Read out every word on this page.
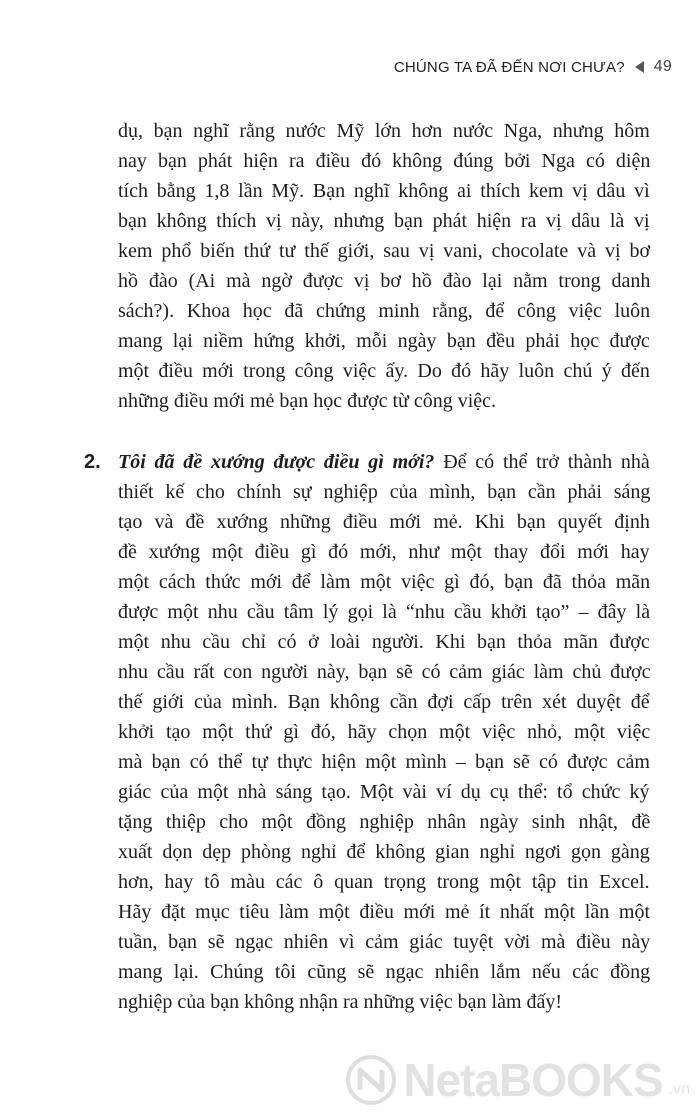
CHÚNG TA ĐÃ ĐẾN NƠI CHƯA? 49
dụ, bạn nghĩ rằng nước Mỹ lớn hơn nước Nga, nhưng hôm
nay bạn phát hiện ra điều đó không đúng bởi Nga có diện
tích bằng 1,8 lần Mỹ. Bạn nghĩ không ai thích kem vị dâu vì
bạn không thích vị này, nhưng bạn phát hiện ra vị dâu là vị
kem phổ biến thứ tư thế giới, sau vị vani, chocolate và vị bơ
hồ đào (Ai mà ngờ được vị bơ hồ đào lại nằm trong danh
sách?). Khoa học đã chứng minh rằng, để công việc luôn
mang lại niềm hứng khởi, mỗi ngày bạn đều phải học được
một điều mới trong công việc ấy. Do đó hãy luôn chú ý đến
những điều mới mẻ bạn học được từ công việc.
2. Tôi đã đề xướng được điều gì mới? Để có thể trở thành nhà
thiết kế cho chính sự nghiệp của mình, bạn cần phải sáng
tạo và đề xướng những điều mới mẻ. Khi bạn quyết định
đề xướng một điều gì đó mới, như một thay đổi mới hay
một cách thức mới để làm một việc gì đó, bạn đã thỏa mãn
được một nhu cầu tâm lý gọi là “nhu cầu khởi tạo” – đây là
một nhu cầu chỉ có ở loài người. Khi bạn thỏa mãn được
nhu cầu rất con người này, bạn sẽ có cảm giác làm chủ được
thế giới của mình. Bạn không cần đợi cấp trên xét duyệt để
khởi tạo một thứ gì đó, hãy chọn một việc nhỏ, một việc
mà bạn có thể tự thực hiện một mình – bạn sẽ có được cảm
giác của một nhà sáng tạo. Một vài ví dụ cụ thể: tổ chức ký
tặng thiệp cho một đồng nghiệp nhân ngày sinh nhật, đề
xuất dọn dẹp phòng nghỉ để không gian nghỉ ngơi gọn gàng
hơn, hay tô màu các ô quan trọng trong một tập tin Excel.
Hãy đặt mục tiêu làm một điều mới mẻ ít nhất một lần một
tuần, bạn sẽ ngạc nhiên vì cảm giác tuyệt vời mà điều này
mang lại. Chúng tôi cũng sẽ ngạc nhiên lắm nếu các đồng
nghiệp của bạn không nhận ra những việc bạn làm đấy!
NetaBOOKS .vn
